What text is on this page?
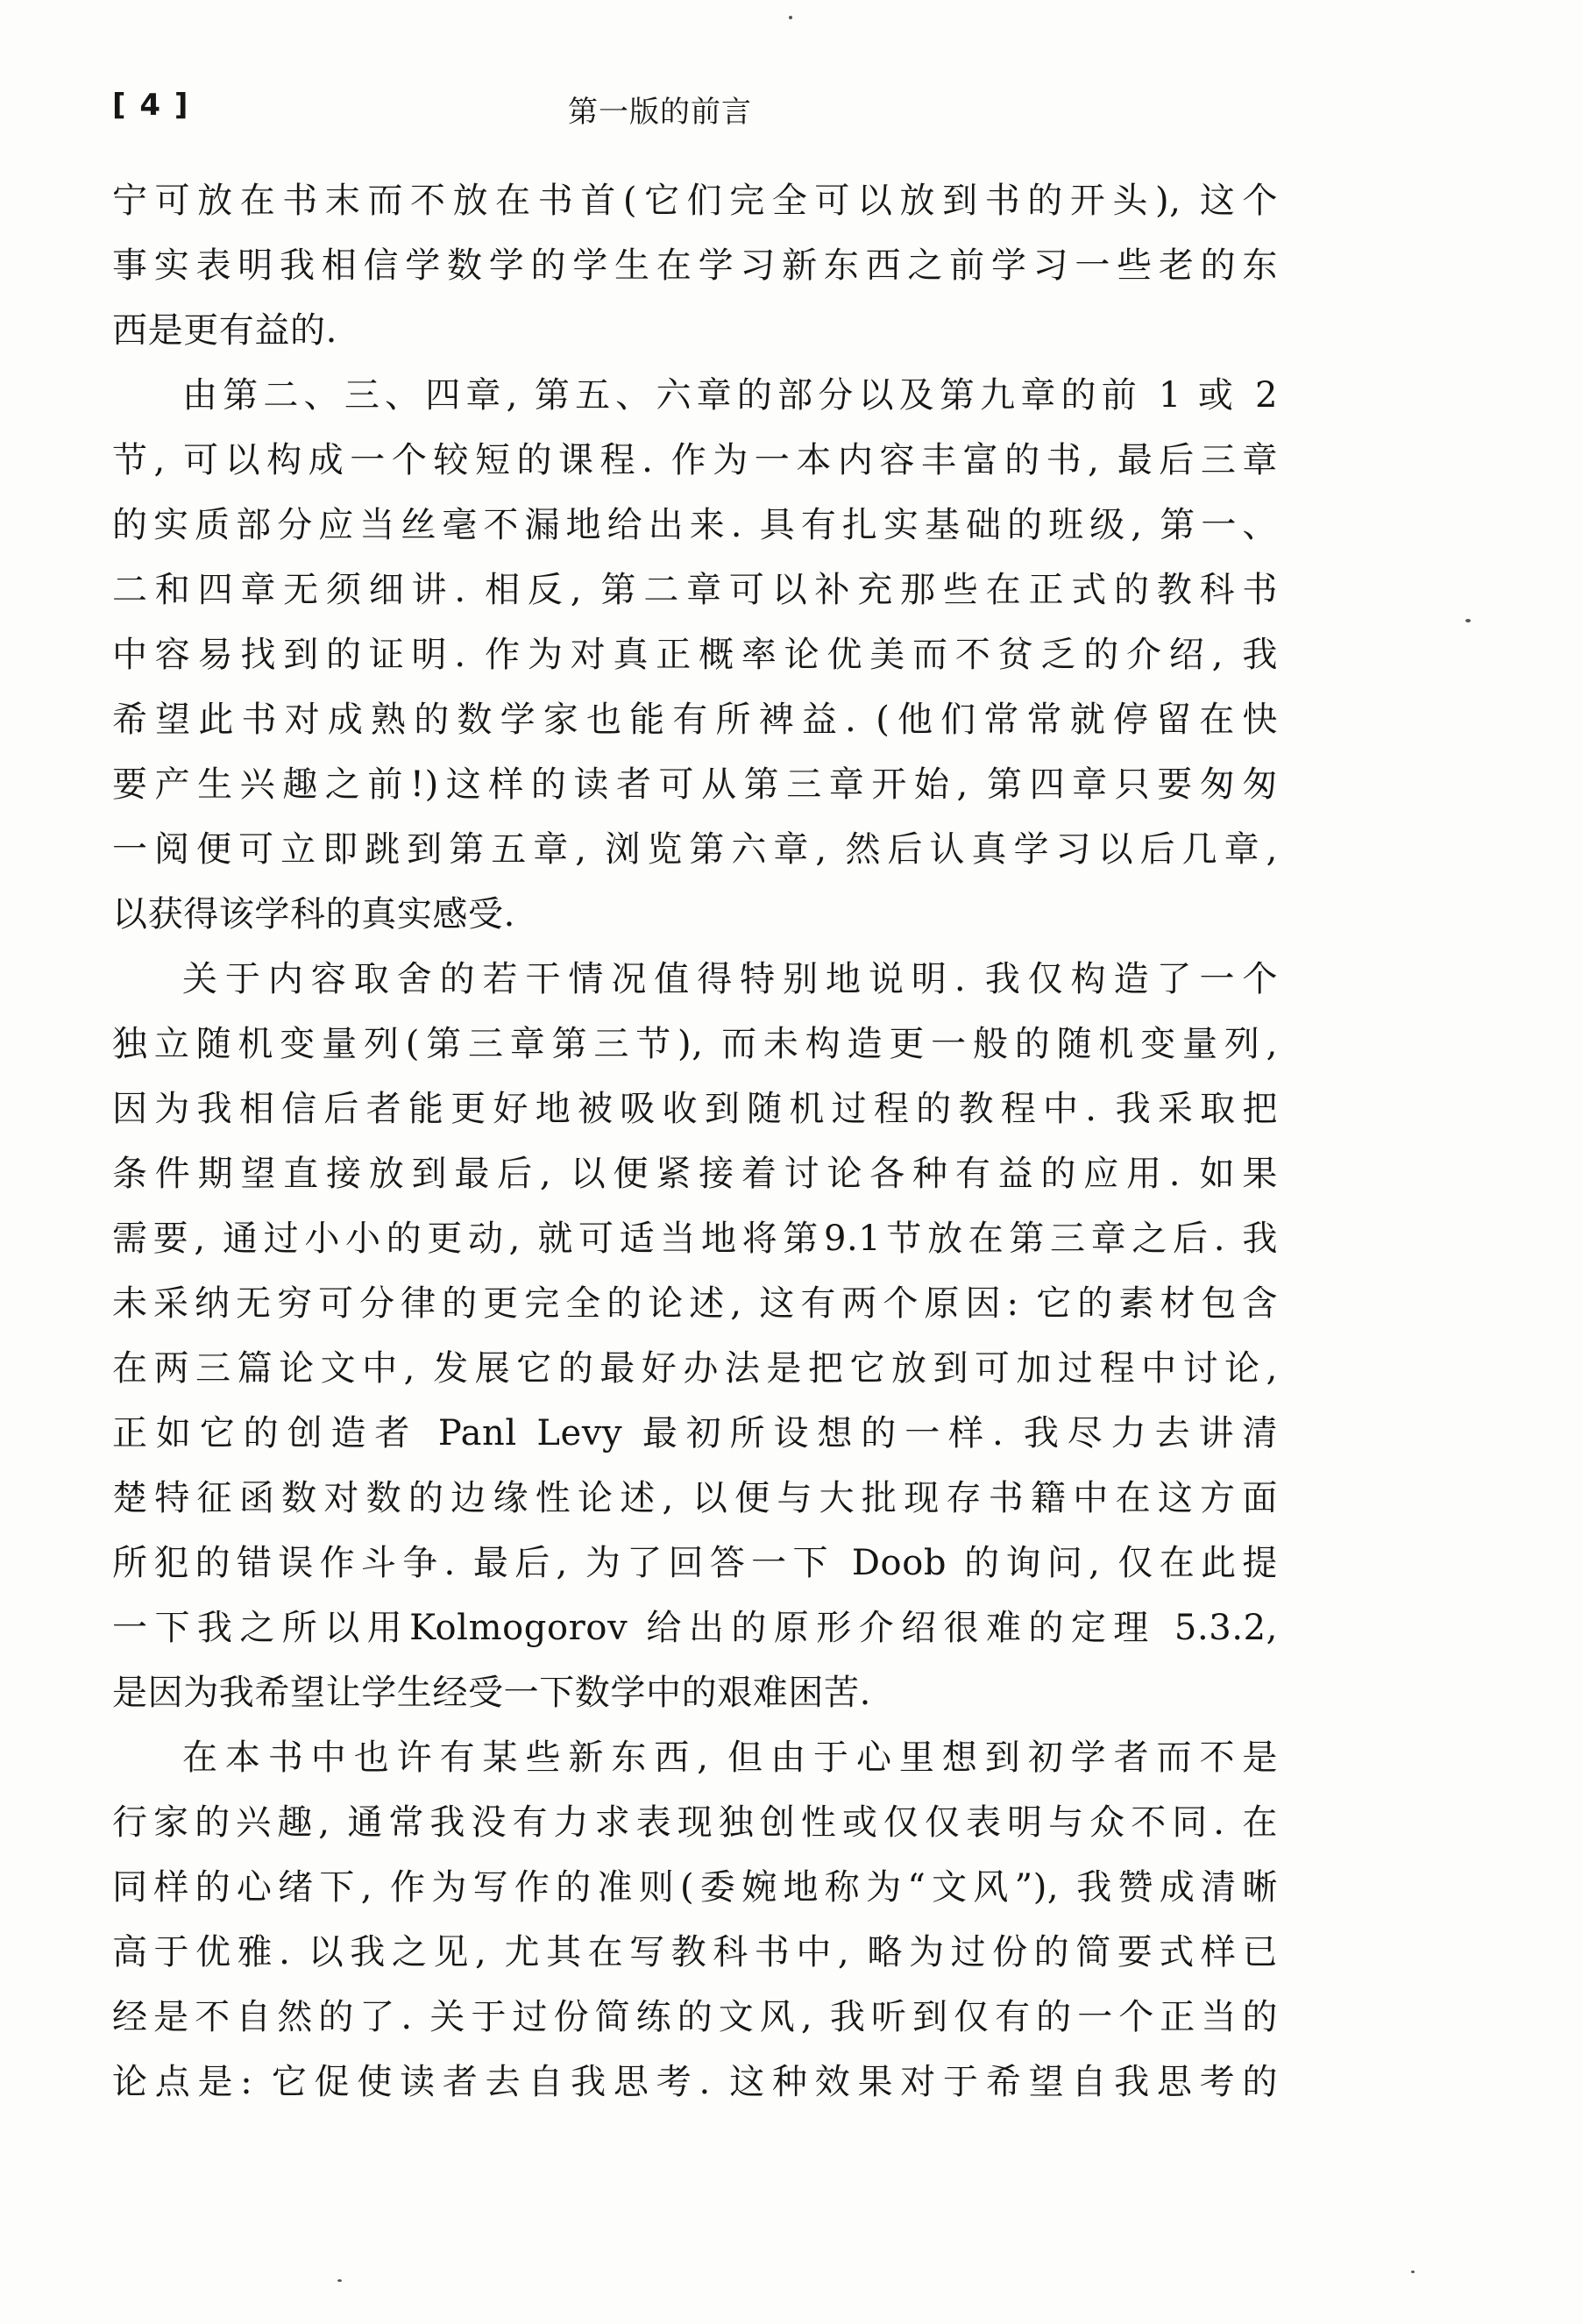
[ 4 ]	第一版的前言
宁可放在书末而不放在书首(它们完全可以放到书的开头), 这个
事实表明我相信学数学的学生在学习新东西之前学习一些老的东
西是更有益的.
由第二、三、四章, 第五、六章的部分以及第九章的前 1 或 2
节, 可以构成一个较短的课程. 作为一本内容丰富的书, 最后三章
的实质部分应当丝毫不漏地给出来. 具有扎实基础的班级, 第一、
二和四章无须细讲. 相反, 第二章可以补充那些在正式的教科书
中容易找到的证明. 作为对真正概率论优美而不贫乏的介绍, 我
希望此书对成熟的数学家也能有所裨益. (他们常常就停留在快
要产生兴趣之前!)这样的读者可从第三章开始, 第四章只要匆匆
一阅便可立即跳到第五章, 浏览第六章, 然后认真学习以后几章,
以获得该学科的真实感受.
关于内容取舍的若干情况值得特别地说明. 我仅构造了一个
独立随机变量列(第三章第三节), 而未构造更一般的随机变量列,
因为我相信后者能更好地被吸收到随机过程的教程中. 我采取把
条件期望直接放到最后, 以便紧接着讨论各种有益的应用. 如果
需要, 通过小小的更动, 就可适当地将第9.1节放在第三章之后. 我
未采纳无穷可分律的更完全的论述, 这有两个原因: 它的素材包含
在两三篇论文中, 发展它的最好办法是把它放到可加过程中讨论,
正如它的创造者 Panl Levy 最初所设想的一样. 我尽力去讲清
楚特征函数对数的边缘性论述, 以便与大批现存书籍中在这方面
所犯的错误作斗争. 最后, 为了回答一下 Doob 的询问, 仅在此提
一下我之所以用Kolmogorov 给出的原形介绍很难的定理 5.3.2,
是因为我希望让学生经受一下数学中的艰难困苦.
在本书中也许有某些新东西, 但由于心里想到初学者而不是
行家的兴趣, 通常我没有力求表现独创性或仅仅表明与众不同. 在
同样的心绪下, 作为写作的准则(委婉地称为“文风”), 我赞成清晰
高于优雅. 以我之见, 尤其在写教科书中, 略为过份的简要式样已
经是不自然的了. 关于过份简练的文风, 我听到仅有的一个正当的
论点是: 它促使读者去自我思考. 这种效果对于希望自我思考的
